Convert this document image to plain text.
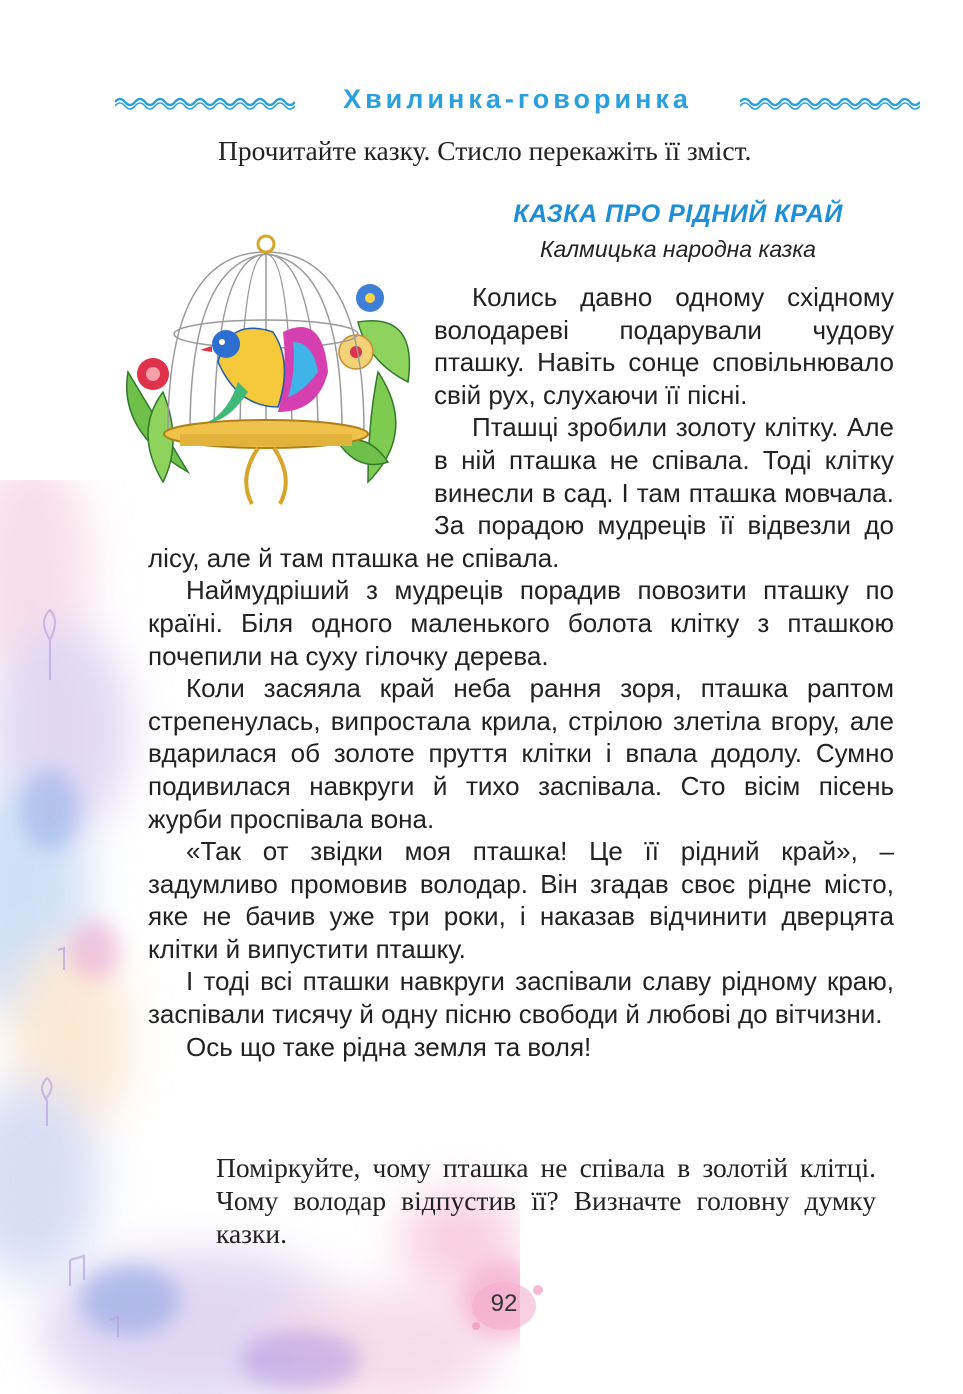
Хвилинка-говоринка
Прочитайте казку. Стисло перекажіть її зміст.
КАЗКА ПРО РІДНИЙ КРАЙ
Калмицька народна казка

Колись давно одному східному володареві подарували чудову пташку. Навіть сонце сповільнювало свій рух, слухаючи її пісні.

Пташці зробили золоту клітку. Але в ній пташка не співала. Тоді клітку винесли в сад. І там пташка мовчала. За порадою мудреців її відвезли до лісу, але й там пташка не співала.

Наймудріший з мудреців порадив повозити пташку по країні. Біля одного маленького болота клітку з пташкою почепили на суху гілочку дерева.

Коли засяяла край неба рання зоря, пташка раптом стрепенулась, випростала крила, стрілою злетіла вгору, але вдарилася об золоте пруття клітки і впала додолу. Сумно подивилася навкруги й тихо заспівала. Сто вісім пісень журби проспівала вона.

«Так от звідки моя пташка! Це її рідний край», – задумливо промовив володар. Він згадав своє рідне місто, яке не бачив уже три роки, і наказав відчинити дверцята клітки й випустити пташку.

І тоді всі пташки навкруги заспівали славу рідному краю, заспівали тисячу й одну пісню свободи й любові до вітчизни.

Ось що таке рідна земля та воля!

Поміркуйте, чому пташка не співала в золотій клітці. Чому володар відпустив її? Визначте головну думку казки.
92
